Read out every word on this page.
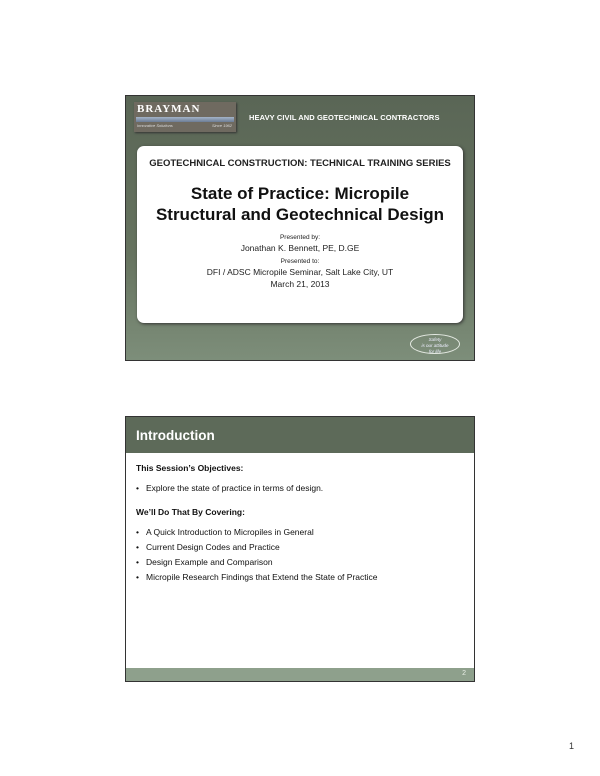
BRAYMAN
Innovative Solutions	Since 1962
HEAVY CIVIL AND GEOTECHNICAL CONTRACTORS
GEOTECHNICAL CONSTRUCTION: TECHNICAL TRAINING SERIES
State of Practice: Micropile
Structural and Geotechnical Design
Presented by:
Jonathan K. Bennett, PE, D.GE
Presented to:
DFI / ADSC Micropile Seminar, Salt Lake City, UT
March 21, 2013
Safety
is our attitude
for life
Introduction
This Session’s Objectives:
• Explore the state of practice in terms of design.
We’ll Do That By Covering:
• A Quick Introduction to Micropiles in General
• Current Design Codes and Practice
• Design Example and Comparison
• Micropile Research Findings that Extend the State of Practice
2
1
